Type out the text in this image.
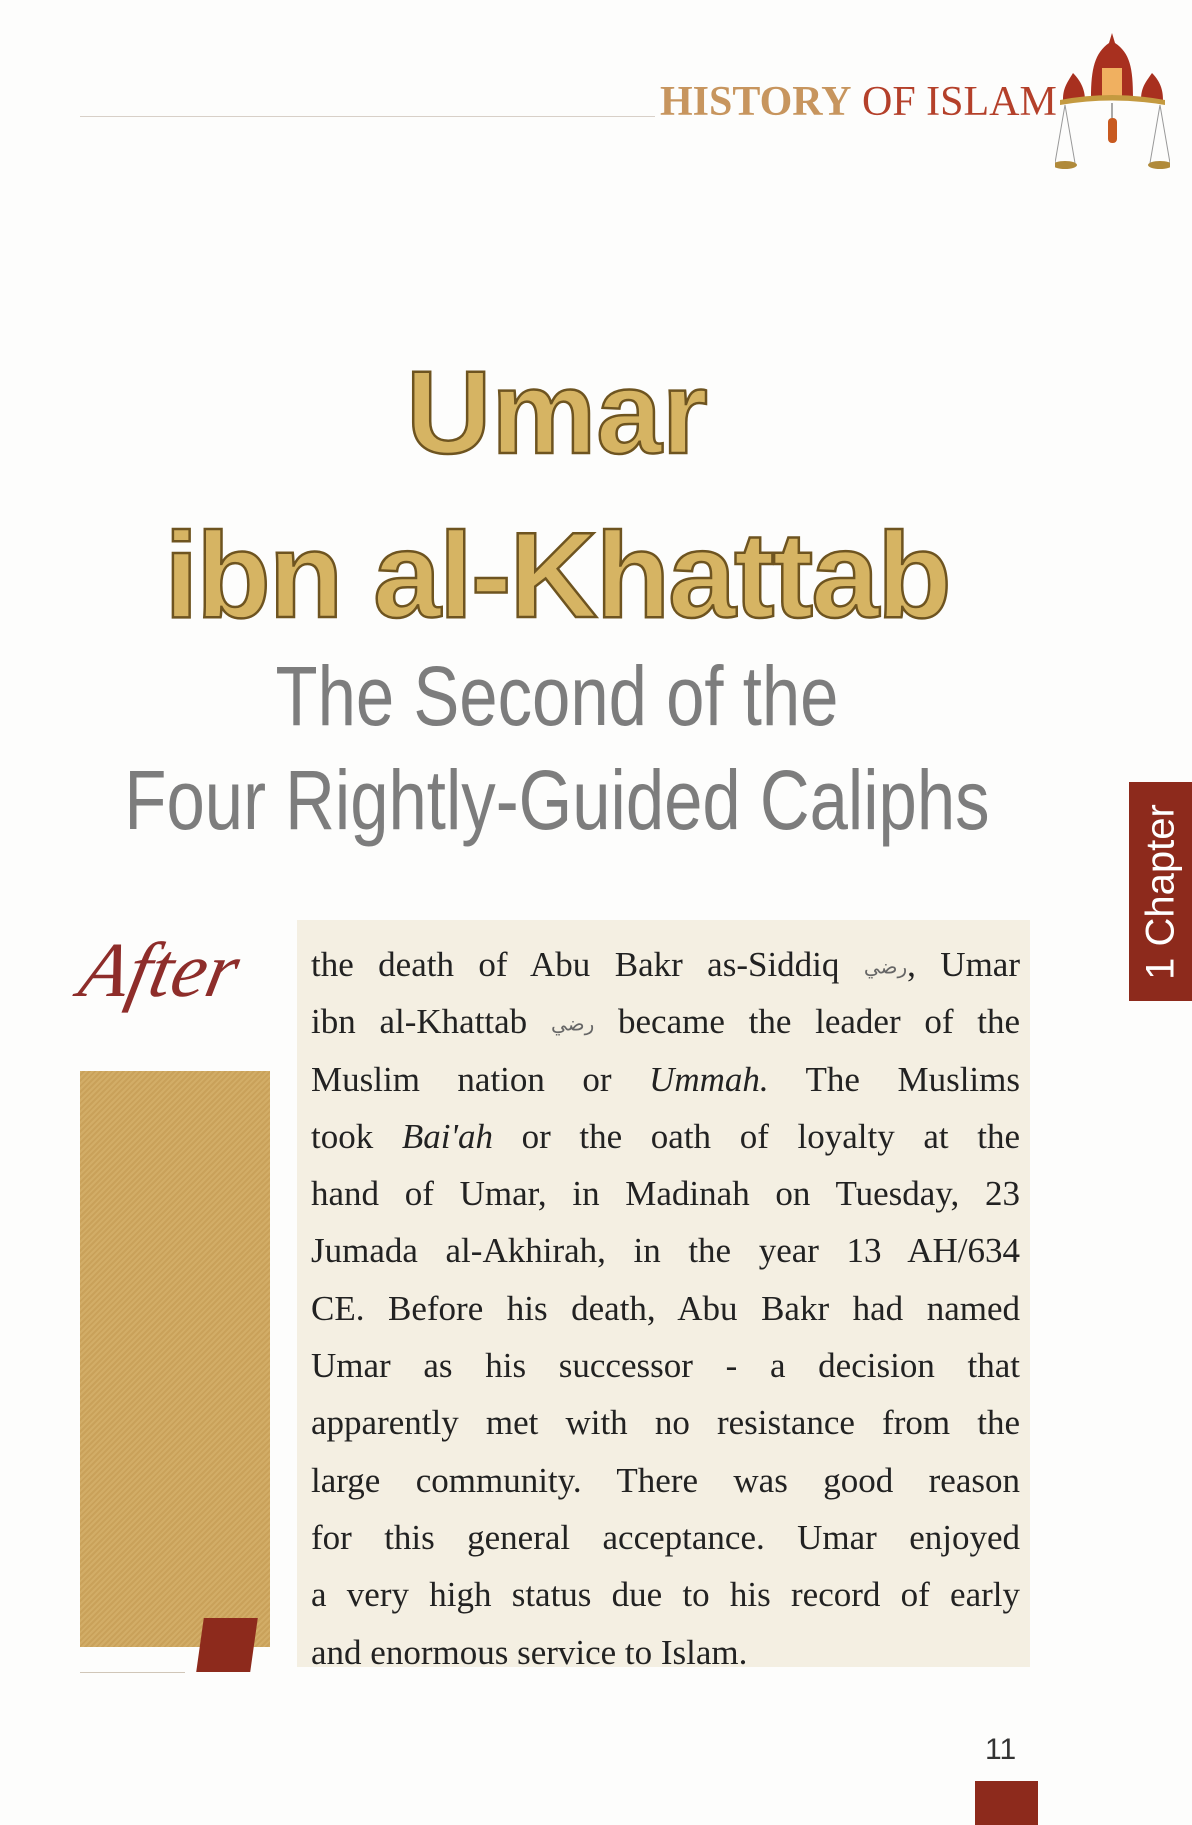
HISTORY OF ISLAM
Umar
ibn al-Khattab
The Second of the
Four Rightly-Guided Caliphs
1 Chapter
After the death of Abu Bakr as-Siddiq رضي, Umar
ibn al-Khattab رضي became the leader of the
Muslim nation or Ummah. The Muslims
took Bai'ah or the oath of loyalty at the
hand of Umar, in Madinah on Tuesday, 23
Jumada al-Akhirah, in the year 13 AH/634
CE. Before his death, Abu Bakr had named
Umar as his successor - a decision that
apparently met with no resistance from the
large community. There was good reason
for this general acceptance. Umar enjoyed
a very high status due to his record of early
and enormous service to Islam.
11
